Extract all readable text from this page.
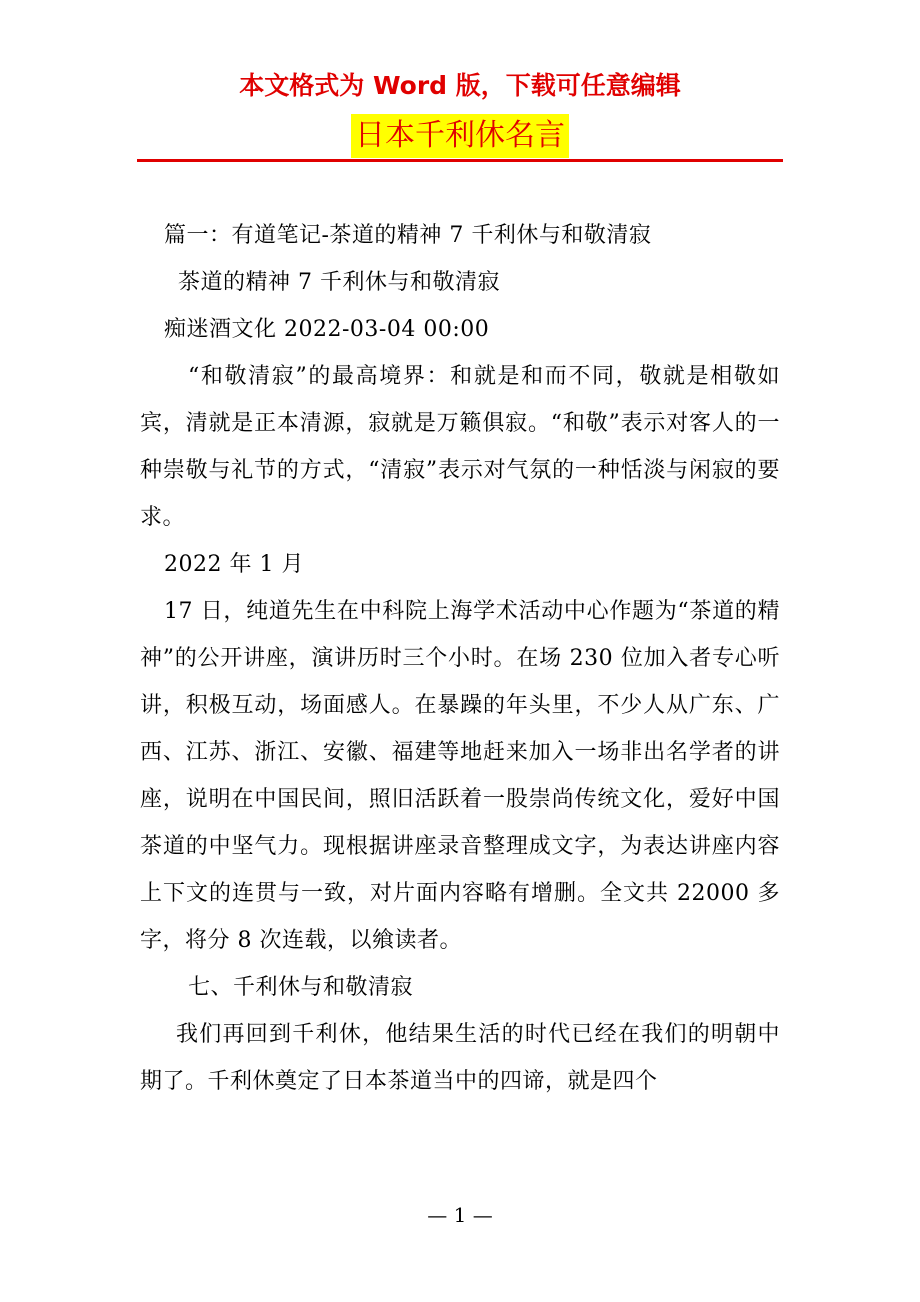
本文格式为 Word 版，下载可任意编辑
日本千利休名言

篇一：有道笔记-茶道的精神 7 千利休与和敬清寂

茶道的精神 7 千利休与和敬清寂

痴迷酒文化 2022-03-04 00:00

“和敬清寂”的最高境界：和就是和而不同，敬就是相敬如宾，清就是正本清源，寂就是万籁俱寂。“和敬”表示对客人的一种崇敬与礼节的方式，“清寂”表示对气氛的一种恬淡与闲寂的要求。

2022 年 1 月

17 日，纯道先生在中科院上海学术活动中心作题为“茶道的精神”的公开讲座，演讲历时三个小时。在场 230 位加入者专心听讲，积极互动，场面感人。在暴躁的年头里，不少人从广东、广西、江苏、浙江、安徽、福建等地赶来加入一场非出名学者的讲座，说明在中国民间，照旧活跃着一股崇尚传统文化，爱好中国茶道的中坚气力。现根据讲座录音整理成文字，为表达讲座内容上下文的连贯与一致，对片面内容略有增删。全文共 22000 多字，将分 8 次连载，以飨读者。

七、千利休与和敬清寂

我们再回到千利休，他结果生活的时代已经在我们的明朝中期了。千利休奠定了日本茶道当中的四谛，就是四个

— 1 —
